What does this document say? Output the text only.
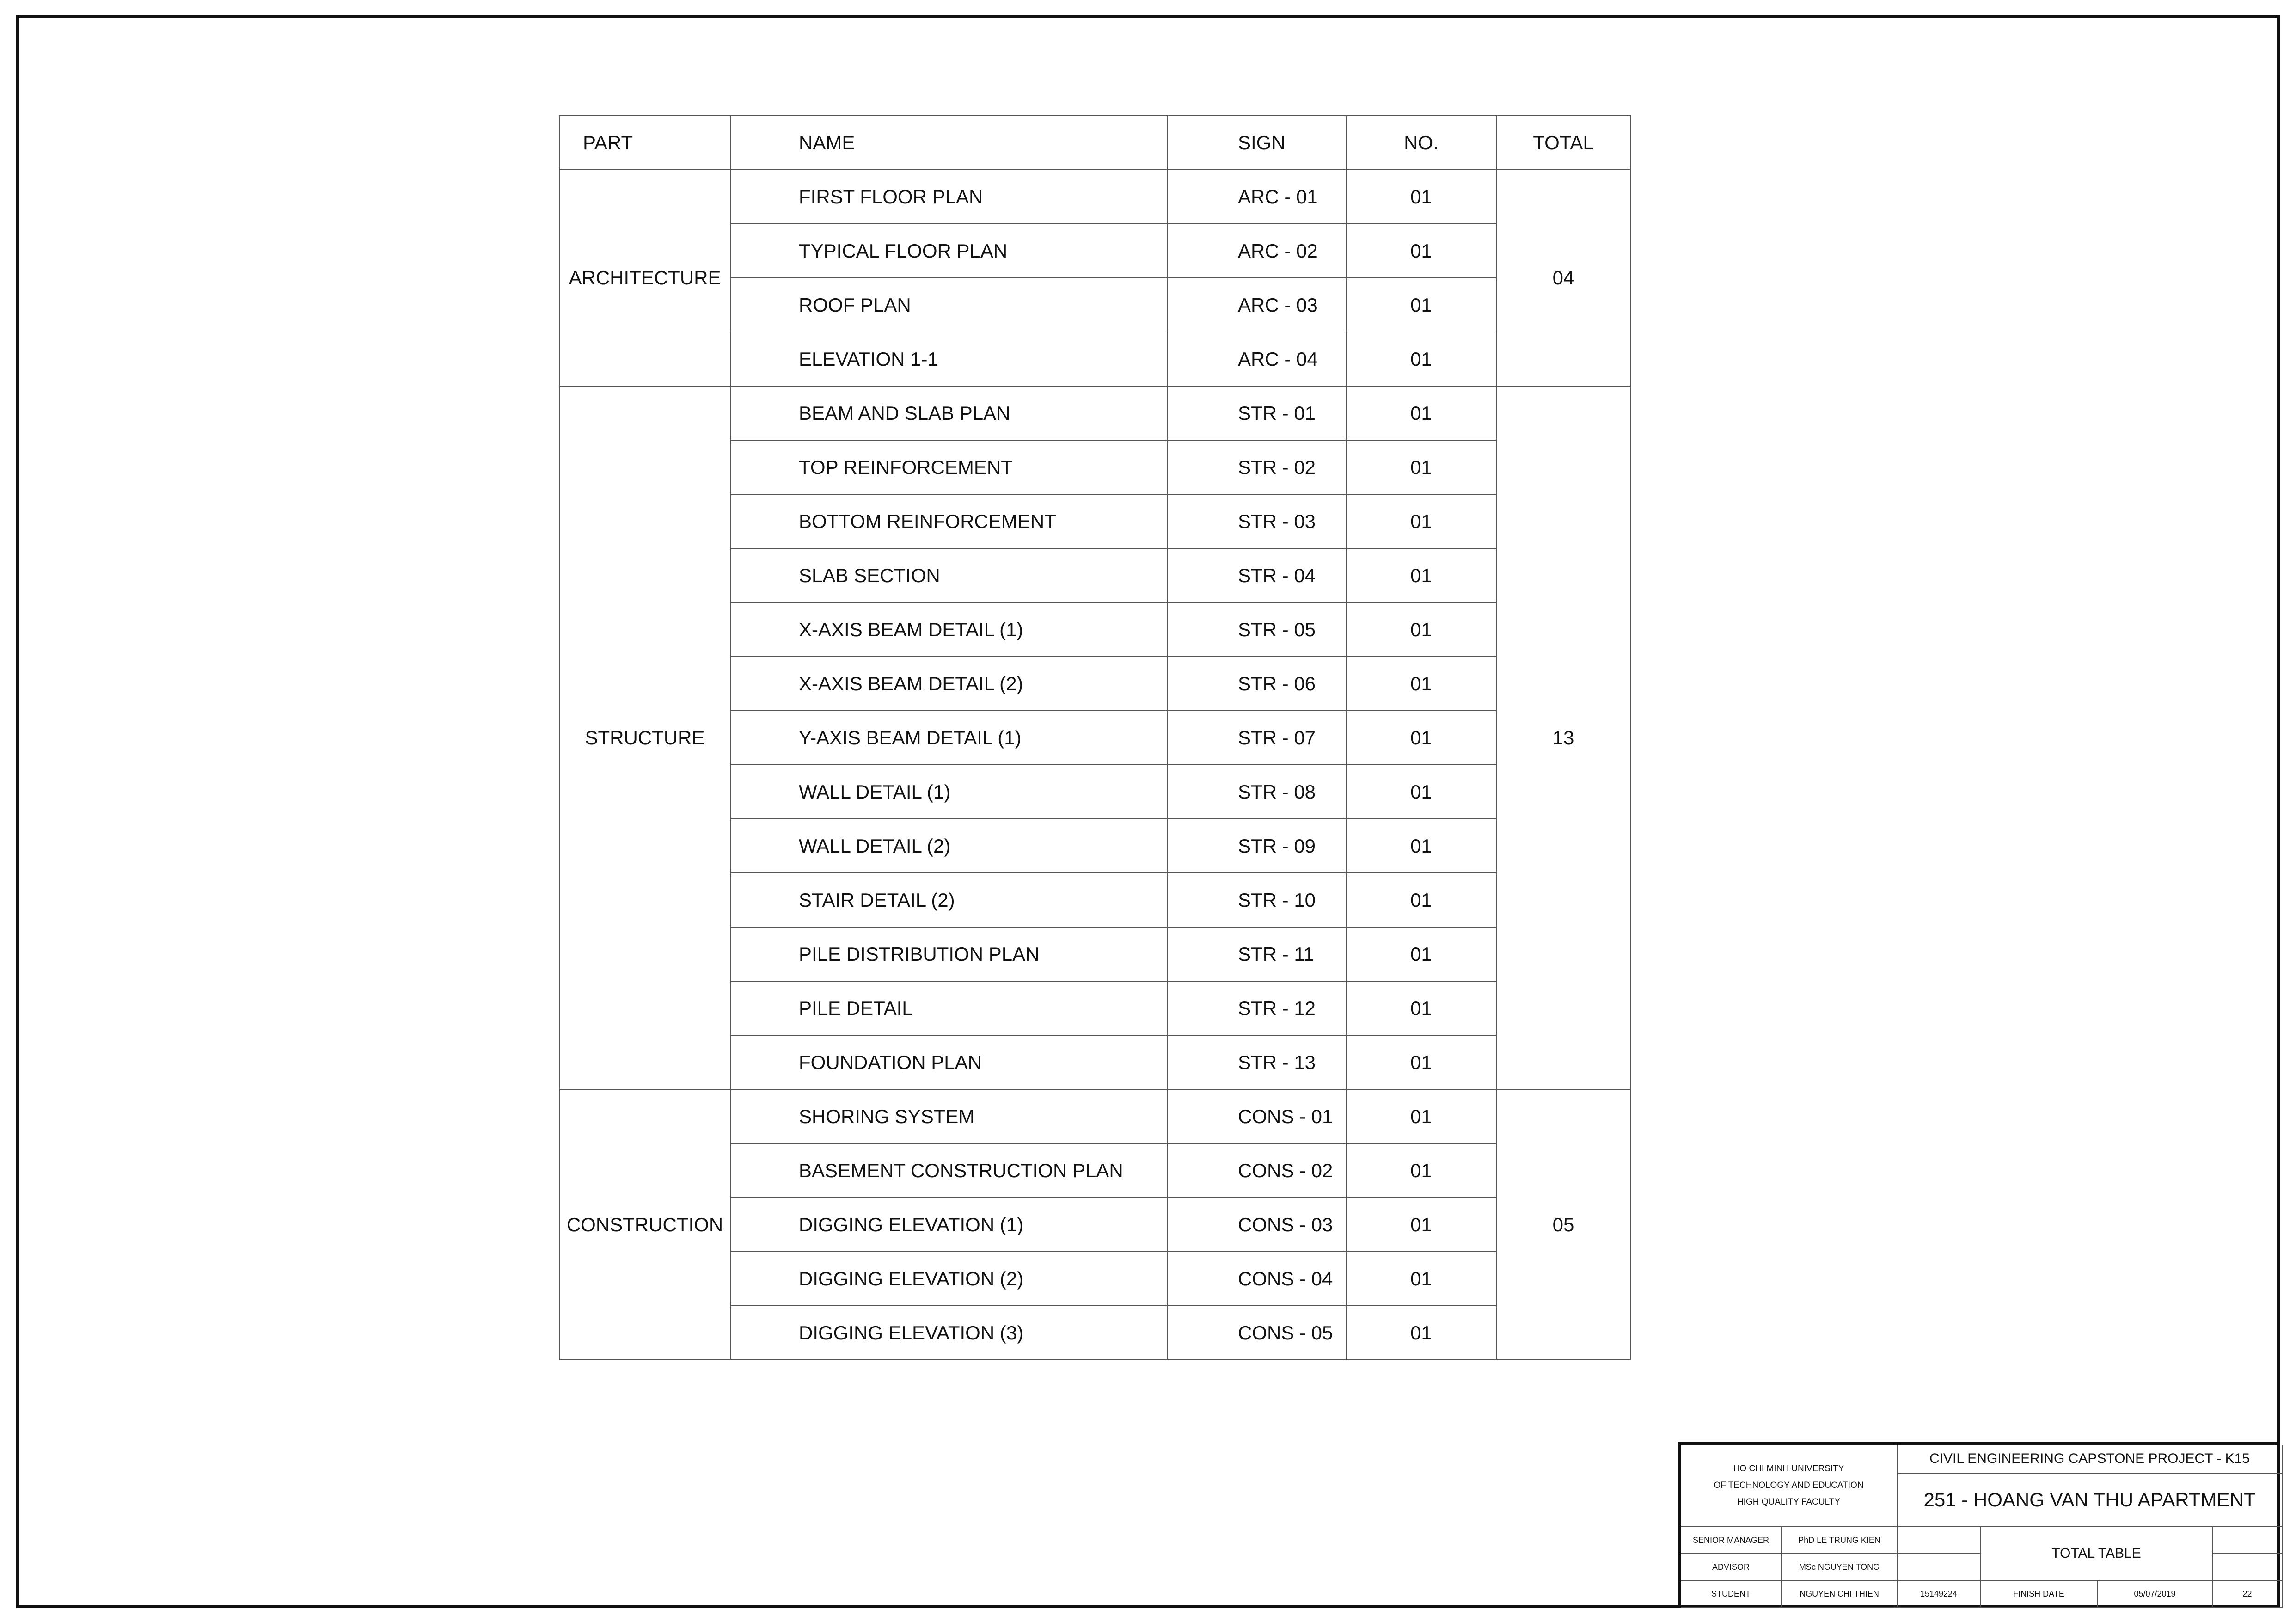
PART	NAME	SIGN	NO.	TOTAL
ARCHITECTURE	FIRST FLOOR PLAN	ARC - 01	01	04
	TYPICAL FLOOR PLAN	ARC - 02	01	
	ROOF PLAN	ARC - 03	01	
	ELEVATION 1-1	ARC - 04	01	
STRUCTURE	BEAM AND SLAB PLAN	STR - 01	01	13
	TOP REINFORCEMENT	STR - 02	01	
	BOTTOM REINFORCEMENT	STR - 03	01	
	SLAB SECTION	STR - 04	01	
	X-AXIS BEAM DETAIL (1)	STR - 05	01	
	X-AXIS BEAM DETAIL (2)	STR - 06	01	
	Y-AXIS BEAM DETAIL (1)	STR - 07	01	
	WALL DETAIL (1)	STR - 08	01	
	WALL DETAIL (2)	STR - 09	01	
	STAIR DETAIL (2)	STR - 10	01	
	PILE DISTRIBUTION PLAN	STR - 11	01	
	PILE DETAIL	STR - 12	01	
	FOUNDATION PLAN	STR - 13	01	
CONSTRUCTION	SHORING SYSTEM	CONS - 01	01	05
	BASEMENT CONSTRUCTION PLAN	CONS - 02	01	
	DIGGING ELEVATION (1)	CONS - 03	01	
	DIGGING ELEVATION (2)	CONS - 04	01	
	DIGGING ELEVATION (3)	CONS - 05	01	
HO CHI MINH UNIVERSITY
OF TECHNOLOGY AND EDUCATION
HIGH QUALITY FACULTY
CIVIL ENGINEERING CAPSTONE PROJECT - K15
251 - HOANG VAN THU APARTMENT
SENIOR MANAGER	PhD LE TRUNG KIEN
TOTAL TABLE
ADVISOR	MSc NGUYEN TONG
STUDENT	NGUYEN CHI THIEN	15149224	FINISH DATE	05/07/2019	22
